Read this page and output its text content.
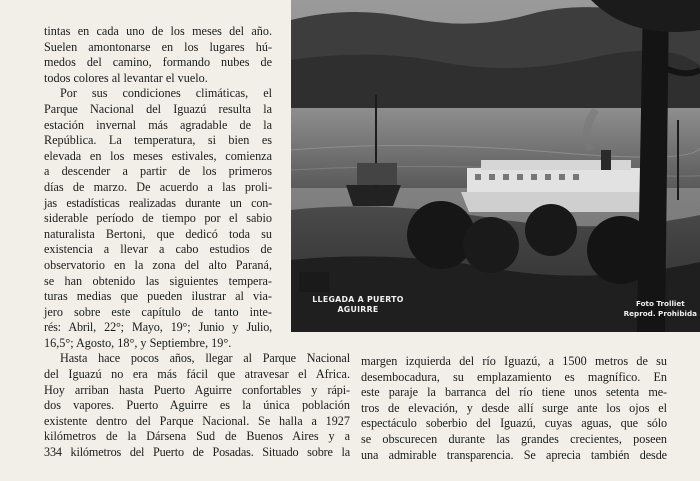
tintas en cada uno de los meses del año.

Suelen amontonarse en los lugares hú-

medos del camino, formando nubes de

todos colores al levantar el vuelo.

Por sus condiciones climáticas, el

Parque Nacional del Iguazú resulta la

estación invernal más agradable de la

República. La temperatura, si bien es

elevada en los meses estivales, comienza

a descender a partir de los primeros

días de marzo. De acuerdo a las proli-

jas estadísticas realizadas durante un con-

siderable período de tiempo por el sabio

naturalista Bertoni, que dedicó toda su

existencia a llevar a cabo estudios de

observatorio en la zona del alto Paraná,

se han obtenido las siguientes tempera-

turas medias que pueden ilustrar al via-

jero sobre este capítulo de tanto inte-

rés: Abril, 22°; Mayo, 19°; Junio y Julio,

16,5°; Agosto, 18°, y Septiembre, 19°.

Hasta hace pocos años, llegar al Parque Nacional

del Iguazú no era más fácil que atravesar el Africa.

Hoy arriban hasta Puerto Aguirre confortables y rápi-

dos vapores. Puerto Aguirre es la única población

existente dentro del Parque Nacional. Se halla a 1927

kilómetros de la Dársena Sud de Buenos Aires y a

334 kilómetros del Puerto de Posadas. Situado sobre la

LLEGADA A PUERTO
AGUIRRE
Foto Trolliet
Reprod. Prohibida

margen izquierda del río Iguazú, a 1500 metros de su

desembocadura, su emplazamiento es magnífico. En

este paraje la barranca del río tiene unos setenta me-

tros de elevación, y desde allí surge ante los ojos el

espectáculo soberbio del Iguazú, cuyas aguas, que sólo

se obscurecen durante las grandes crecientes, poseen

una admirable transparencia. Se aprecia también desde
